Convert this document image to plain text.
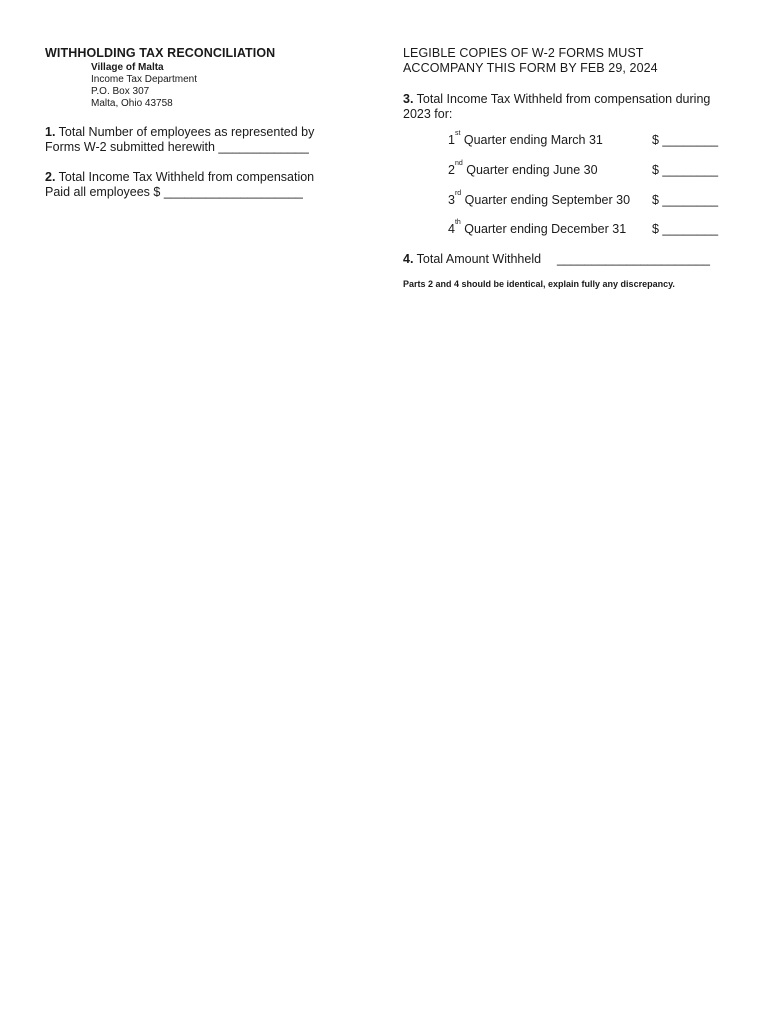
WITHHOLDING TAX RECONCILIATION
Village of Malta
Income Tax Department
P.O. Box 307
Malta, Ohio 43758
1. Total Number of employees as represented by
Forms W-2 submitted herewith _____________
2. Total Income Tax Withheld from compensation
Paid all employees $ ____________________
LEGIBLE COPIES OF W-2 FORMS MUST
ACCOMPANY THIS FORM BY FEB 29, 2024
3. Total Income Tax Withheld from compensation during
2023 for:
1st Quarter ending March 31	$ ________
2nd Quarter ending June 30	$ ________
3rd Quarter ending September 30 $ ________
4th Quarter ending December 31 $ ________
4. Total Amount Withheld ______________________
Parts 2 and 4 should be identical, explain fully any discrepancy.
